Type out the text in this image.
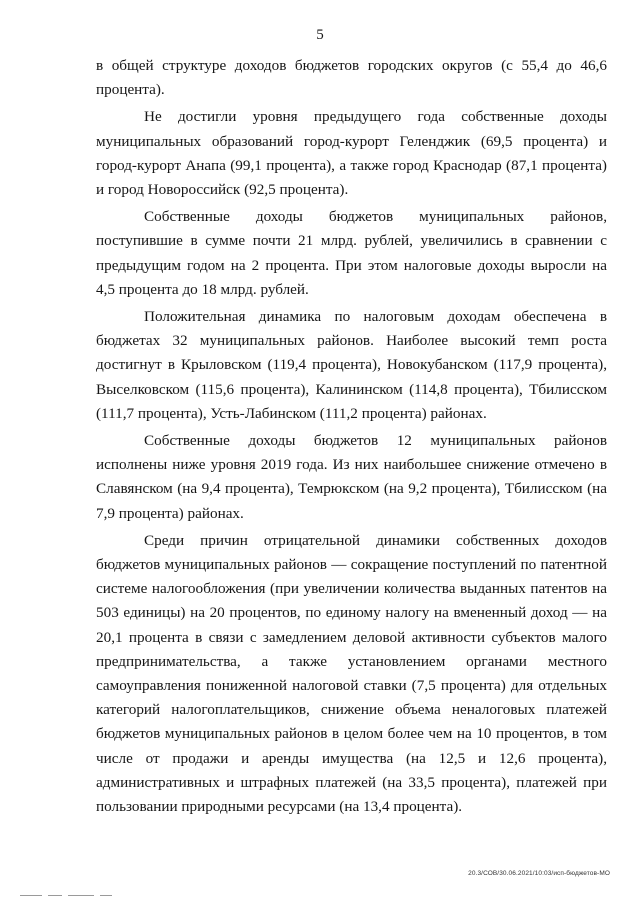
5

в общей структуре доходов бюджетов городских округов (с 55,4 до 46,6 процента).

Не достигли уровня предыдущего года собственные доходы муниципальных образований город-курорт Геленджик (69,5 процента) и город-курорт Анапа (99,1 процента), а также город Краснодар (87,1 процента) и город Новороссийск (92,5 процента).

Собственные доходы бюджетов муниципальных районов, поступившие в сумме почти 21 млрд. рублей, увеличились в сравнении с предыдущим годом на 2 процента. При этом налоговые доходы выросли на 4,5 процента до 18 млрд. рублей.

Положительная динамика по налоговым доходам обеспечена в бюджетах 32 муниципальных районов. Наиболее высокий темп роста достигнут в Крыловском (119,4 процента), Новокубанском (117,9 процента), Выселковском (115,6 процента), Калининском (114,8 процента), Тбилисском (111,7 процента), Усть-Лабинском (111,2 процента) районах.

Собственные доходы бюджетов 12 муниципальных районов исполнены ниже уровня 2019 года. Из них наибольшее снижение отмечено в Славянском (на 9,4 процента), Темрюкском (на 9,2 процента), Тбилисском (на 7,9 процента) районах.

Среди причин отрицательной динамики собственных доходов бюджетов муниципальных районов — сокращение поступлений по патентной системе налогообложения (при увеличении количества выданных патентов на 503 единицы) на 20 процентов, по единому налогу на вмененный доход — на 20,1 процента в связи с замедлением деловой активности субъектов малого предпринимательства, а также установлением органами местного самоуправления пониженной налоговой ставки (7,5 процента) для отдельных категорий налогоплательщиков, снижение объема неналоговых платежей бюджетов муниципальных районов в целом более чем на 10 процентов, в том числе от продажи и аренды имущества (на 12,5 и 12,6 процента), административных и штрафных платежей (на 33,5 процента), платежей при пользовании природными ресурсами (на 13,4 процента).

20.3/СОВ/30.06.2021/10:03/исп-бюджетов-МО
